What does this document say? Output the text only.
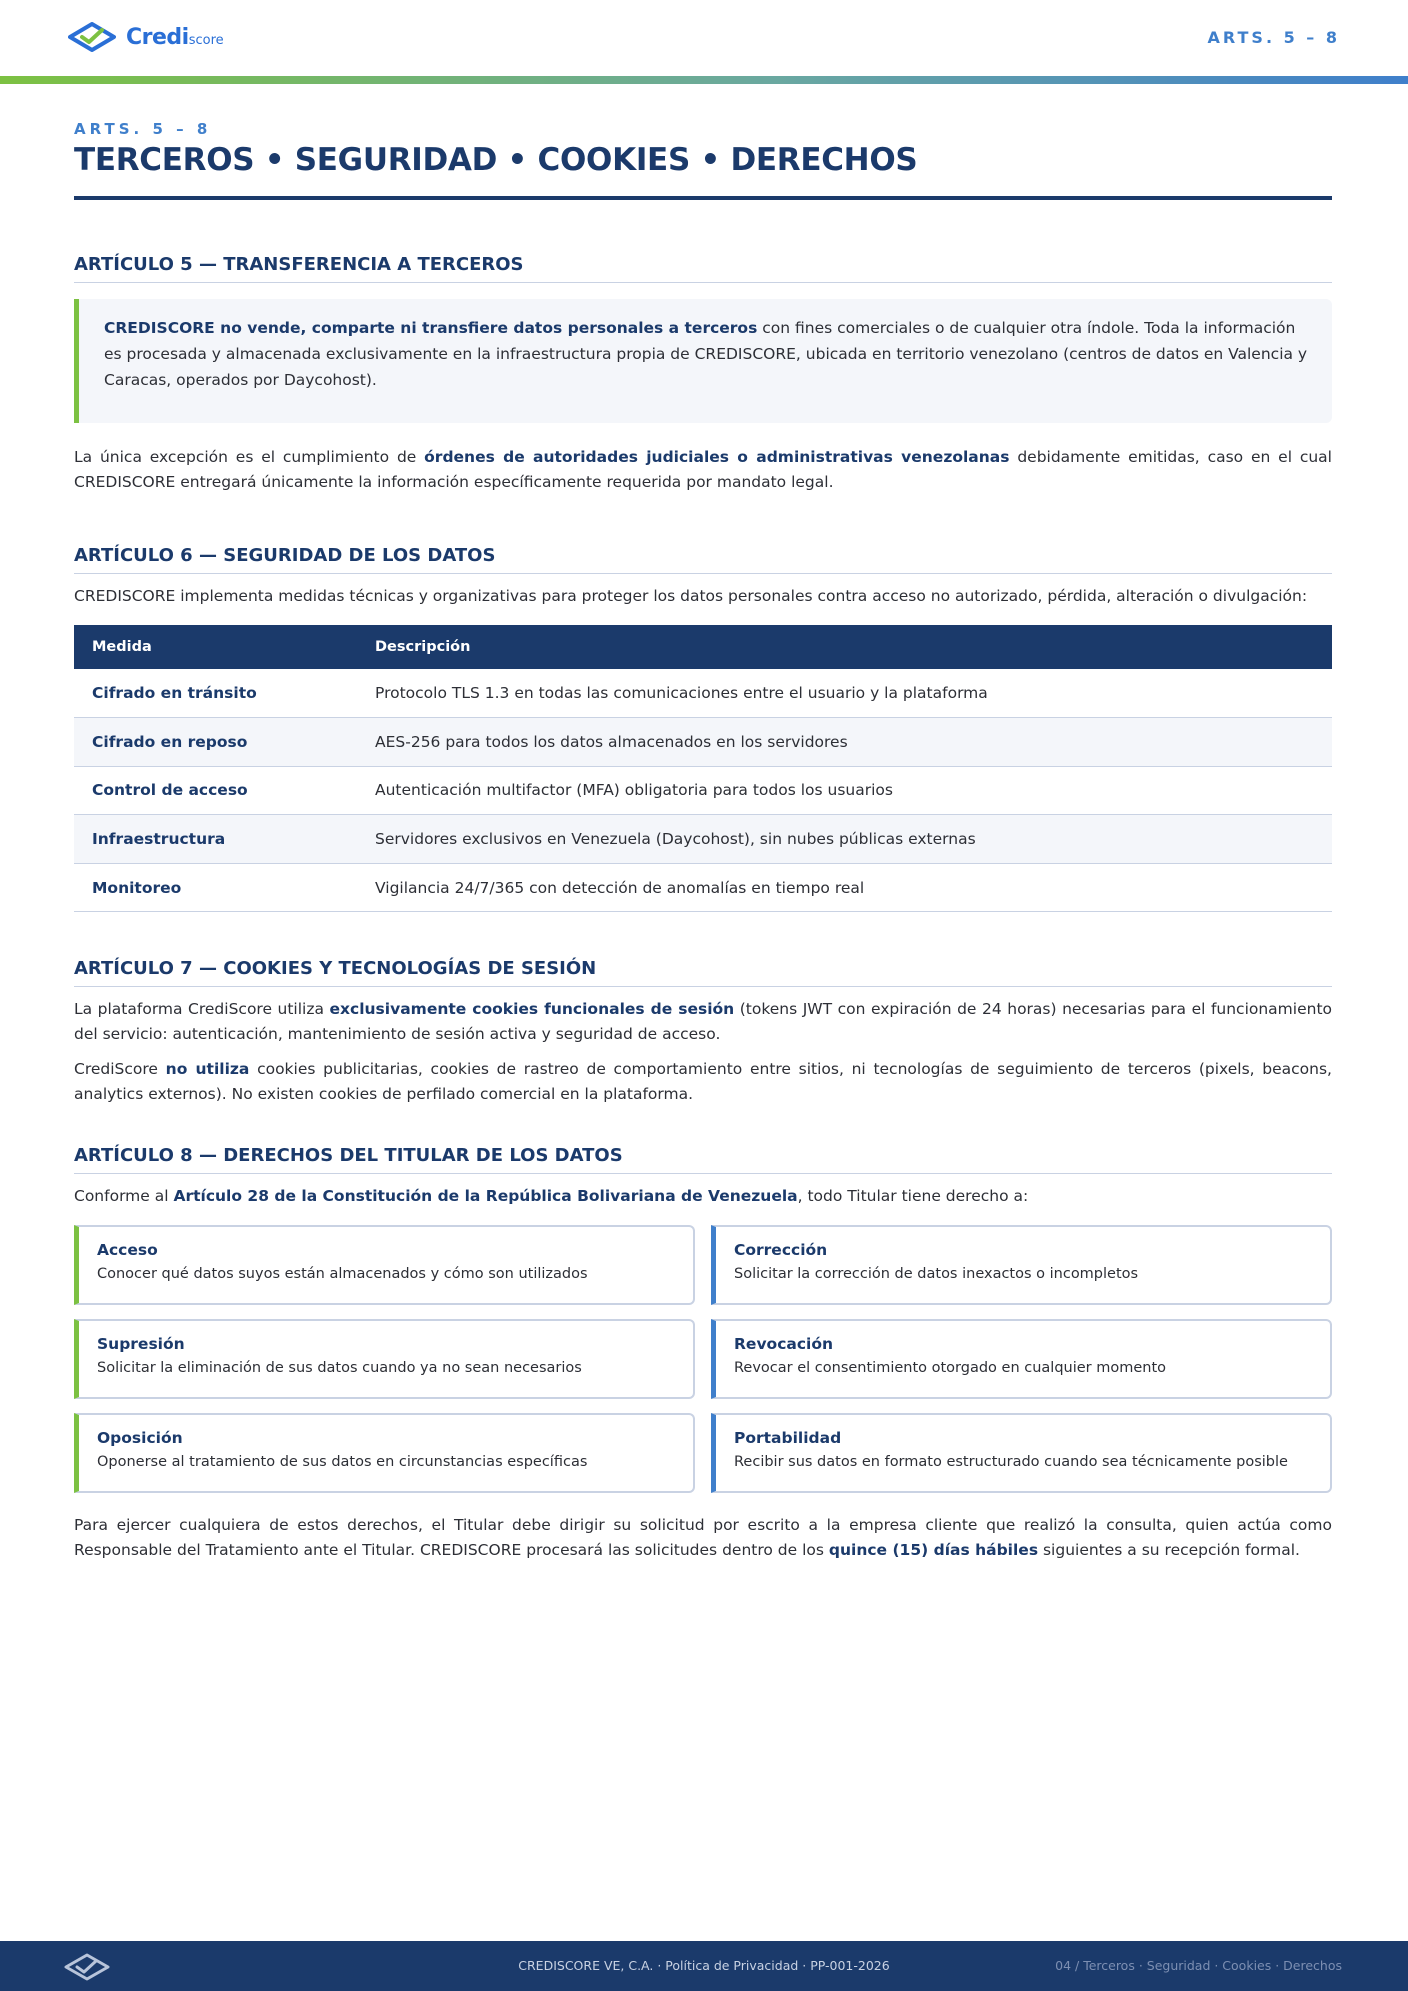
Crediscore	ARTS. 5 – 8
ARTS. 5 – 8
TERCEROS • SEGURIDAD • COOKIES • DERECHOS
ARTÍCULO 5 — TRANSFERENCIA A TERCEROS
CREDISCORE no vende, comparte ni transfiere datos personales a terceros con fines comerciales o de cualquier otra índole. Toda la información es procesada y almacenada exclusivamente en la infraestructura propia de CREDISCORE, ubicada en territorio venezolano (centros de datos en Valencia y Caracas, operados por Daycohost).

La única excepción es el cumplimiento de órdenes de autoridades judiciales o administrativas venezolanas debidamente emitidas, caso en el cual CREDISCORE entregará únicamente la información específicamente requerida por mandato legal.

ARTÍCULO 6 — SEGURIDAD DE LOS DATOS

CREDISCORE implementa medidas técnicas y organizativas para proteger los datos personales contra acceso no autorizado, pérdida, alteración o divulgación:

Medida	Descripción
Cifrado en tránsito	Protocolo TLS 1.3 en todas las comunicaciones entre el usuario y la plataforma
Cifrado en reposo	AES-256 para todos los datos almacenados en los servidores
Control de acceso	Autenticación multifactor (MFA) obligatoria para todos los usuarios
Infraestructura	Servidores exclusivos en Venezuela (Daycohost), sin nubes públicas externas
Monitoreo	Vigilancia 24/7/365 con detección de anomalías en tiempo real
ARTÍCULO 7 — COOKIES Y TECNOLOGÍAS DE SESIÓN

La plataforma CrediScore utiliza exclusivamente cookies funcionales de sesión (tokens JWT con expiración de 24 horas) necesarias para el funcionamiento del servicio: autenticación, mantenimiento de sesión activa y seguridad de acceso.

CrediScore no utiliza cookies publicitarias, cookies de rastreo de comportamiento entre sitios, ni tecnologías de seguimiento de terceros (pixels, beacons, analytics externos). No existen cookies de perfilado comercial en la plataforma.

ARTÍCULO 8 — DERECHOS DEL TITULAR DE LOS DATOS

Conforme al Artículo 28 de la Constitución de la República Bolivariana de Venezuela, todo Titular tiene derecho a:

Acceso
Conocer qué datos suyos están almacenados y cómo son utilizados
Corrección
Solicitar la corrección de datos inexactos o incompletos
Supresión
Solicitar la eliminación de sus datos cuando ya no sean necesarios
Revocación
Revocar el consentimiento otorgado en cualquier momento
Oposición
Oponerse al tratamiento de sus datos en circunstancias específicas
Portabilidad
Recibir sus datos en formato estructurado cuando sea técnicamente posible

Para ejercer cualquiera de estos derechos, el Titular debe dirigir su solicitud por escrito a la empresa cliente que realizó la consulta, quien actúa como Responsable del Tratamiento ante el Titular. CREDISCORE procesará las solicitudes dentro de los quince (15) días hábiles siguientes a su recepción formal.

CREDISCORE VE, C.A. · Política de Privacidad · PP-001-2026	04 / Terceros · Seguridad · Cookies · Derechos
